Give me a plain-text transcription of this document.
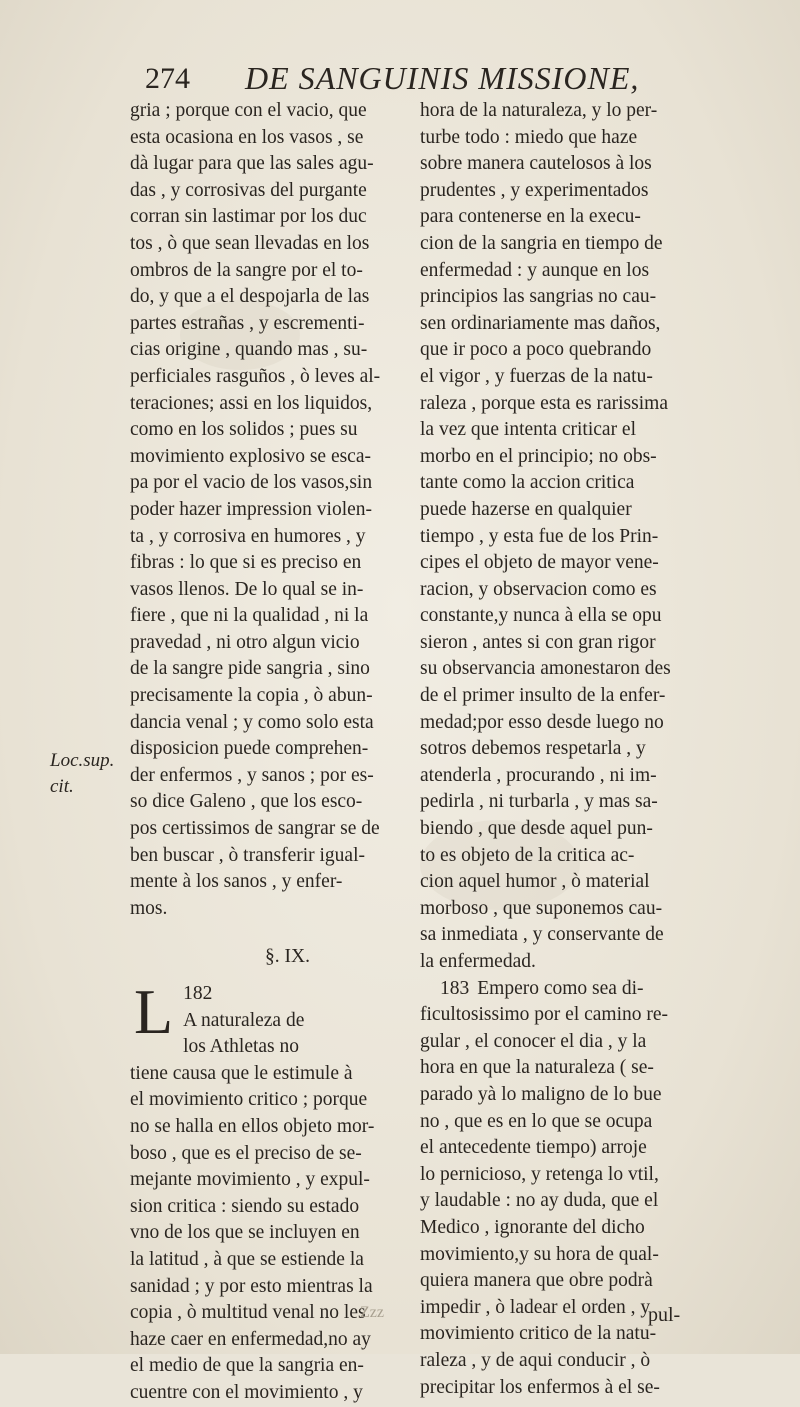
274 DE SANGUINIS MISSIONE,
Loc.sup.
cit.
gria ; porque con el vacio, que
esta ocasiona en los vasos , se
dà lugar para que las sales agu-
das , y corrosivas del purgante
corran sin lastimar por los duc
tos , ò que sean llevadas en los
ombros de la sangre por el to-
do, y que a el despojarla de las
partes estrañas , y escrementi-
cias origine , quando mas , su-
perficiales rasguños , ò leves al-
teraciones; assi en los liquidos,
como en los solidos ; pues su
movimiento explosivo se esca-
pa por el vacio de los vasos,sin
poder hazer impression violen-
ta , y corrosiva en humores , y
fibras : lo que si es preciso en
vasos llenos. De lo qual se in-
fiere , que ni la qualidad , ni la
pravedad , ni otro algun vicio
de la sangre pide sangria , sino
precisamente la copia , ò abun-
dancia venal ; y como solo esta
disposicion puede comprehen-
der enfermos , y sanos ; por es-
so dice Galeno , que los esco-
pos certissimos de sangrar se de
ben buscar , ò transferir igual-
mente à los sanos , y enfer-
mos.
§. IX.
182
L A naturaleza de
los Athletas no
tiene causa que le estimule à
el movimiento critico ; porque
no se halla en ellos objeto mor-
boso , que es el preciso de se-
mejante movimiento , y expul-
sion critica : siendo su estado
vno de los que se incluyen en
la latitud , à que se estiende la
sanidad ; y por esto mientras la
copia , ò multitud venal no les
haze caer en enfermedad,no ay
el medio de que la sangria en-
cuentre con el movimiento , y
hora de la naturaleza, y lo per-
turbe todo : miedo que haze
sobre manera cautelosos à los
prudentes , y experimentados
para contenerse en la execu-
cion de la sangria en tiempo de
enfermedad : y aunque en los
principios las sangrias no cau-
sen ordinariamente mas daños,
que ir poco a poco quebrando
el vigor , y fuerzas de la natu-
raleza , porque esta es rarissima
la vez que intenta criticar el
morbo en el principio; no obs-
tante como la accion critica
puede hazerse en qualquier
tiempo , y esta fue de los Prin-
cipes el objeto de mayor vene-
racion, y observacion como es
constante,y nunca à ella se opu
sieron , antes si con gran rigor
su observancia amonestaron des
de el primer insulto de la enfer-
medad;por esso desde luego no
sotros debemos respetarla , y
atenderla , procurando , ni im-
pedirla , ni turbarla , y mas sa-
biendo , que desde aquel pun-
to es objeto de la critica ac-
cion aquel humor , ò material
morboso , que suponemos cau-
sa inmediata , y conservante de
la enfermedad.
183 Empero como sea di-
ficultosissimo por el camino re-
gular , el conocer el dia , y la
hora en que la naturaleza ( se-
parado yà lo maligno de lo bue
no , que es en lo que se ocupa
el antecedente tiempo) arroje
lo pernicioso, y retenga lo vtil,
y laudable : no ay duda, que el
Medico , ignorante del dicho
movimiento,y su hora de qual-
quiera manera que obre podrà
impedir , ò ladear el orden , y
movimiento critico de la natu-
raleza , y de aqui conducir , ò
precipitar los enfermos à el se-
Zzz	pul-
